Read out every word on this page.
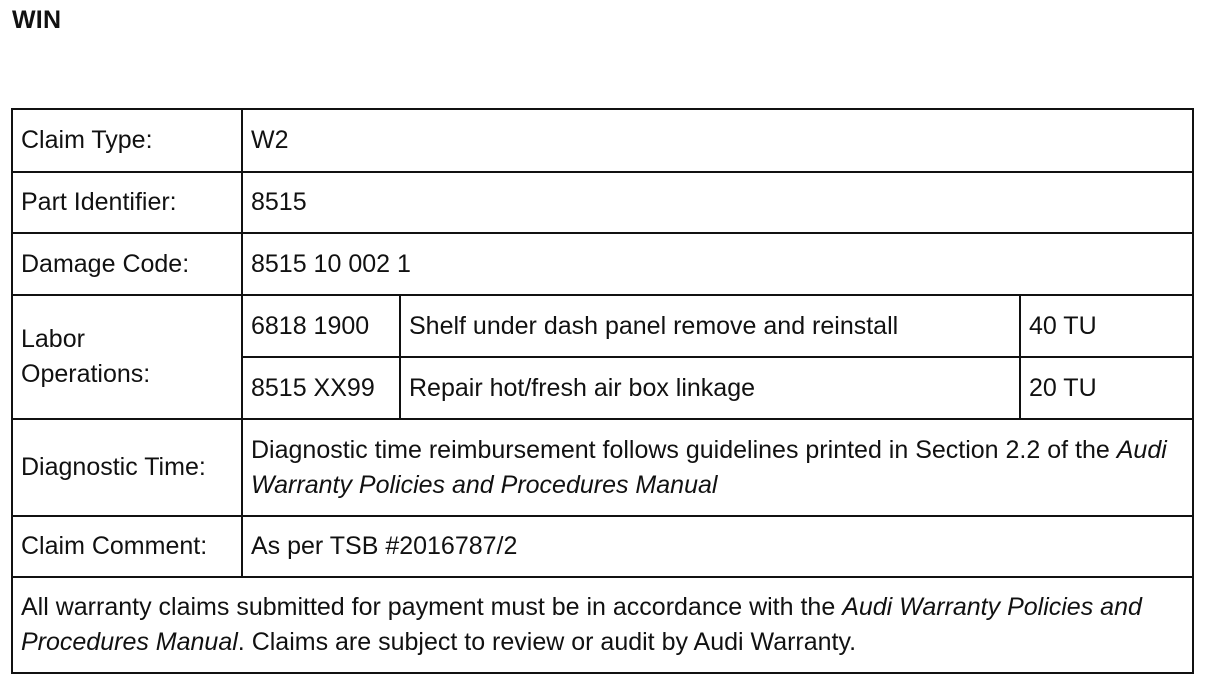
WIN
Claim Type:	W2		
Part Identifier:	8515		
Damage Code:	8515 10 002 1		
Labor
Operations:	6818 1900	Shelf under dash panel remove and reinstall	40 TU
	8515 XX99	Repair hot/fresh air box linkage	20 TU
Diagnostic Time:	Diagnostic time reimbursement follows guidelines printed in Section 2.2 of the Audi Warranty Policies and Procedures Manual		
Claim Comment:	As per TSB #2016787/2		
All warranty claims submitted for payment must be in accordance with the Audi Warranty Policies and Procedures Manual. Claims are subject to review or audit by Audi Warranty.			
